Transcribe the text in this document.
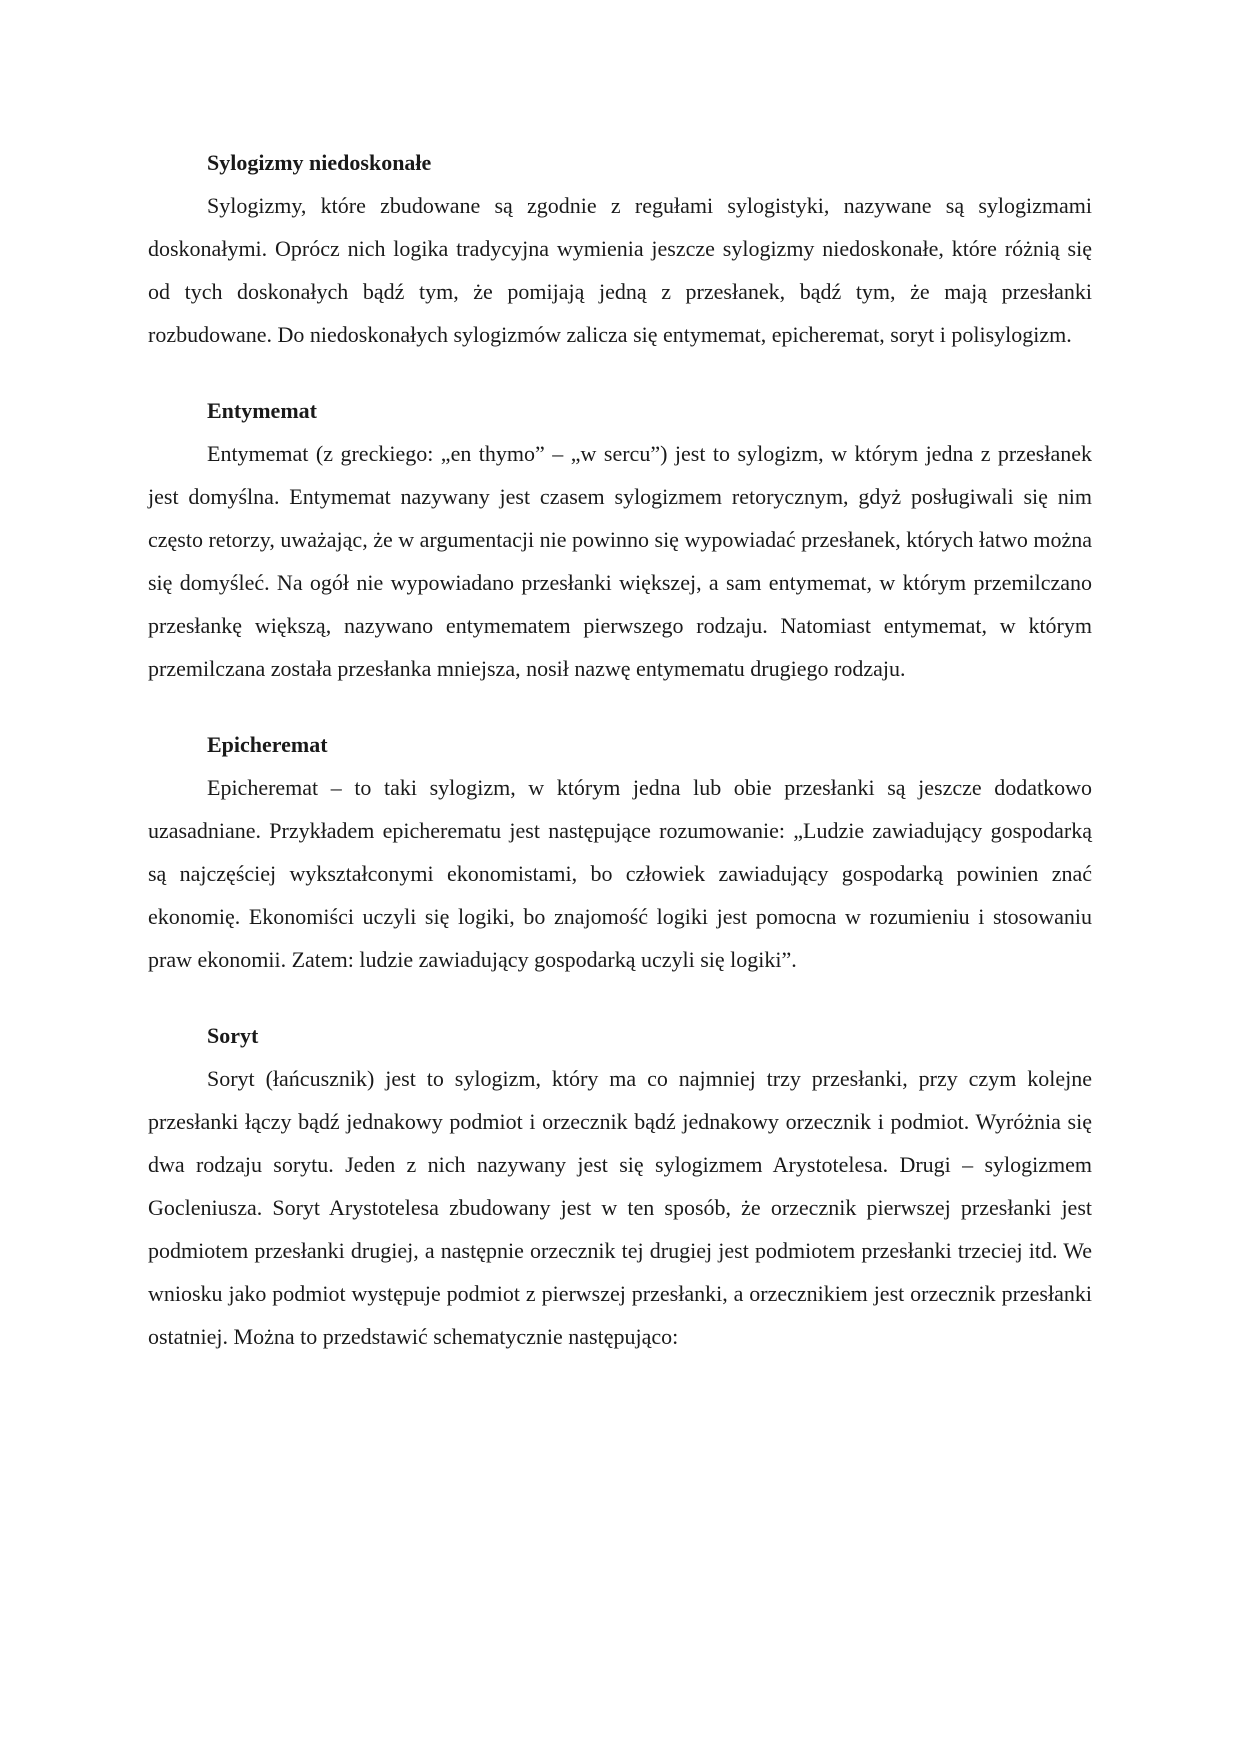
Sylogizmy niedoskonałe

Sylogizmy, które zbudowane są zgodnie z regułami sylogistyki, nazywane są sylogizmami doskonałymi. Oprócz nich logika tradycyjna wymienia jeszcze sylogizmy niedoskonałe, które różnią się od tych doskonałych bądź tym, że pomijają jedną z przesłanek, bądź tym, że mają przesłanki rozbudowane. Do niedoskonałych sylogizmów zalicza się entymemat, epicheremat, soryt i polisylogizm.

Entymemat

Entymemat (z greckiego: „en thymo” – „w sercu”) jest to sylogizm, w którym jedna z przesłanek jest domyślna. Entymemat nazywany jest czasem sylogizmem retorycznym, gdyż posługiwali się nim często retorzy, uważając, że w argumentacji nie powinno się wypowiadać przesłanek, których łatwo można się domyśleć. Na ogół nie wypowiadano przesłanki większej, a sam entymemat, w którym przemilczano przesłankę większą, nazywano entymematem pierwszego rodzaju. Natomiast entymemat, w którym przemilczana została przesłanka mniejsza, nosił nazwę entymematu drugiego rodzaju.

Epicheremat

Epicheremat – to taki sylogizm, w którym jedna lub obie przesłanki są jeszcze dodatkowo uzasadniane. Przykładem epicherematu jest następujące rozumowanie: „Ludzie zawiadujący gospodarką są najczęściej wykształconymi ekonomistami, bo człowiek zawiadujący gospodarką powinien znać ekonomię. Ekonomiści uczyli się logiki, bo znajomość logiki jest pomocna w rozumieniu i stosowaniu praw ekonomii. Zatem: ludzie zawiadujący gospodarką uczyli się logiki”.

Soryt

Soryt (łańcusznik) jest to sylogizm, który ma co najmniej trzy przesłanki, przy czym kolejne przesłanki łączy bądź jednakowy podmiot i orzecznik bądź jednakowy orzecznik i podmiot. Wyróżnia się dwa rodzaju sorytu. Jeden z nich nazywany jest się sylogizmem Arystotelesa. Drugi – sylogizmem Gocleniusza. Soryt Arystotelesa zbudowany jest w ten sposób, że orzecznik pierwszej przesłanki jest podmiotem przesłanki drugiej, a następnie orzecznik tej drugiej jest podmiotem przesłanki trzeciej itd. We wniosku jako podmiot występuje podmiot z pierwszej przesłanki, a orzecznikiem jest orzecznik przesłanki ostatniej. Można to przedstawić schematycznie następująco:
